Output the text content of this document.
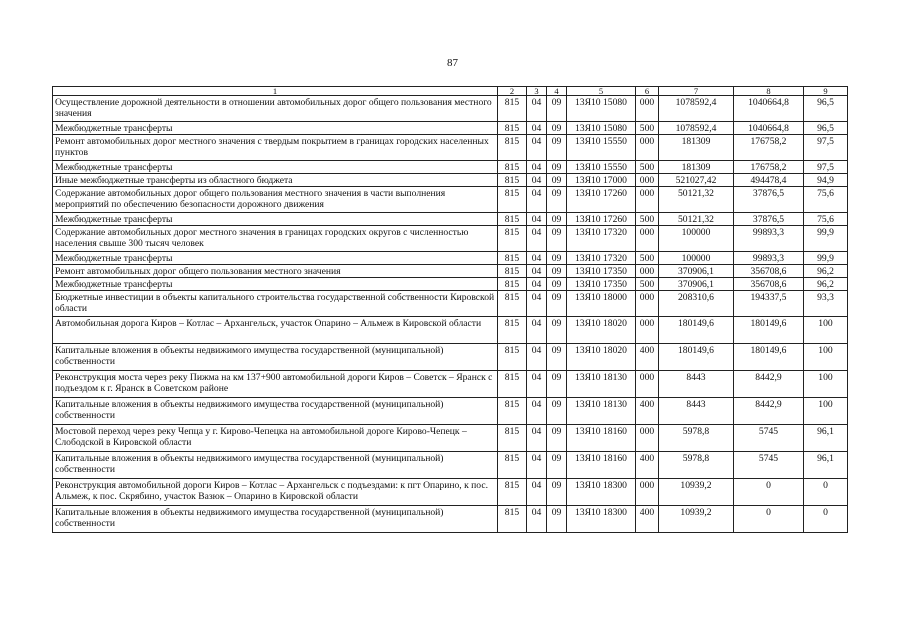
87
1	2	3	4	5	6	7	8	9
Осуществление дорожной деятельности в отношении автомобильных дорог общего пользования местного значения	815	04	09	13Я10 15080	000	1078592,4	1040664,8	96,5
Межбюджетные трансферты	815	04	09	13Я10 15080	500	1078592,4	1040664,8	96,5
Ремонт автомобильных дорог местного значения с твердым покрытием в границах городских населенных пунктов	815	04	09	13Я10 15550	000	181309	176758,2	97,5
Межбюджетные трансферты	815	04	09	13Я10 15550	500	181309	176758,2	97,5
Иные межбюджетные трансферты из областного бюджета	815	04	09	13Я10 17000	000	521027,42	494478,4	94,9
Содержание автомобильных дорог общего пользования местного значения в части выполнения мероприятий по обеспечению безопасности дорожного движения	815	04	09	13Я10 17260	000	50121,32	37876,5	75,6
Межбюджетные трансферты	815	04	09	13Я10 17260	500	50121,32	37876,5	75,6
Содержание автомобильных дорог местного значения в границах городских округов с численностью населения свыше 300 тысяч человек	815	04	09	13Я10 17320	000	100000	99893,3	99,9
Межбюджетные трансферты	815	04	09	13Я10 17320	500	100000	99893,3	99,9
Ремонт автомобильных дорог общего пользования местного значения	815	04	09	13Я10 17350	000	370906,1	356708,6	96,2
Межбюджетные трансферты	815	04	09	13Я10 17350	500	370906,1	356708,6	96,2
Бюджетные инвестиции в объекты капитального строительства государственной собственности Кировской области	815	04	09	13Я10 18000	000	208310,6	194337,5	93,3
Автомобильная дорога Киров – Котлас – Архангельск, участок Опарино – Альмеж в Кировской области	815	04	09	13Я10 18020	000	180149,6	180149,6	100
Капитальные вложения в объекты недвижимого имущества государственной (муниципальной) собственности	815	04	09	13Я10 18020	400	180149,6	180149,6	100
Реконструкция моста через реку Пижма на км 137+900 автомобильной дороги Киров – Советск – Яранск с подъездом к г. Яранск в Советском районе	815	04	09	13Я10 18130	000	8443	8442,9	100
Капитальные вложения в объекты недвижимого имущества государственной (муниципальной) собственности	815	04	09	13Я10 18130	400	8443	8442,9	100
Мостовой переход через реку Чепца у г. Кирово-Чепецка на автомобильной дороге Кирово-Чепецк – Слободской в Кировской области	815	04	09	13Я10 18160	000	5978,8	5745	96,1
Капитальные вложения в объекты недвижимого имущества государственной (муниципальной) собственности	815	04	09	13Я10 18160	400	5978,8	5745	96,1
Реконструкция автомобильной дороги Киров – Котлас – Архангельск с подъездами: к пгт Опарино, к пос. Альмеж, к пос. Скрябино, участок Вазюк – Опарино в Кировской области	815	04	09	13Я10 18300	000	10939,2	0	0
Капитальные вложения в объекты недвижимого имущества государственной (муниципальной) собственности	815	04	09	13Я10 18300	400	10939,2	0	0
